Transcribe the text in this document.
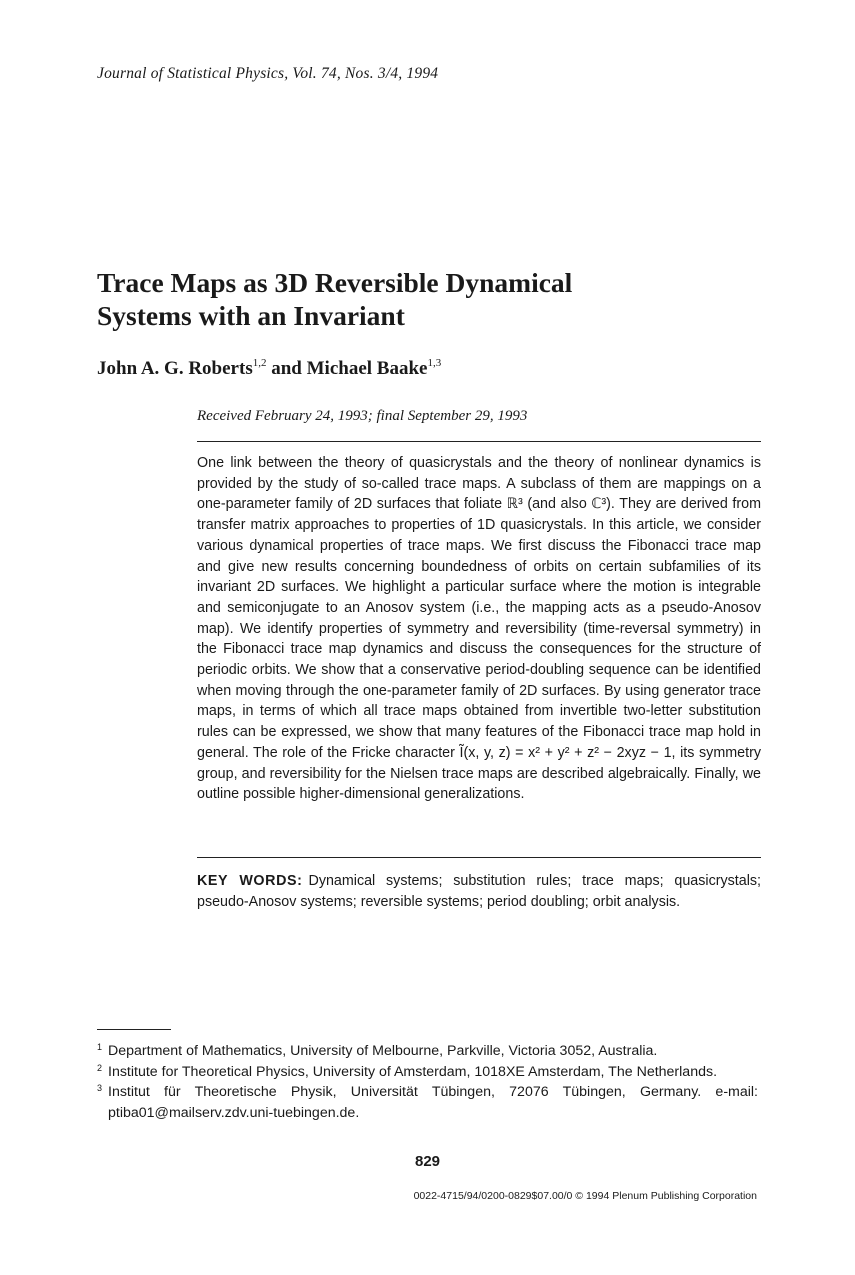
Journal of Statistical Physics, Vol. 74, Nos. 3/4, 1994
Trace Maps as 3D Reversible Dynamical
Systems with an Invariant
John A. G. Roberts$^{1,2}$ and Michael Baake$^{1,3}$
Received February 24, 1993; final September 29, 1993
One link between the theory of quasicrystals and the theory of nonlinear dynamics is provided by the study of so-called trace maps. A subclass of them are mappings on a one-parameter family of 2D surfaces that foliate ℝ³ (and also ℂ³). They are derived from transfer matrix approaches to properties of 1D quasicrystals. In this article, we consider various dynamical properties of trace maps. We first discuss the Fibonacci trace map and give new results concerning boundedness of orbits on certain subfamilies of its invariant 2D surfaces. We highlight a particular surface where the motion is integrable and semiconjugate to an Anosov system (i.e., the mapping acts as a pseudo-Anosov map). We identify properties of symmetry and reversibility (time-reversal symmetry) in the Fibonacci trace map dynamics and discuss the consequences for the structure of periodic orbits. We show that a conservative period-doubling sequence can be identified when moving through the one-parameter family of 2D surfaces. By using generator trace maps, in terms of which all trace maps obtained from invertible two-letter substitution rules can be expressed, we show that many features of the Fibonacci trace map hold in general. The role of the Fricke character Ĩ(x, y, z) = x² + y² + z² − 2xyz − 1, its symmetry group, and reversibility for the Nielsen trace maps are described algebraically. Finally, we outline possible higher-dimensional generalizations.
KEY WORDS: Dynamical systems; substitution rules; trace maps; quasicrystals; pseudo-Anosov systems; reversible systems; period doubling; orbit analysis.
1 Department of Mathematics, University of Melbourne, Parkville, Victoria 3052, Australia.
2 Institute for Theoretical Physics, University of Amsterdam, 1018XE Amsterdam, The Netherlands.
3 Institut für Theoretische Physik, Universität Tübingen, 72076 Tübingen, Germany. e-mail: ptiba01@mailserv.zdv.uni-tuebingen.de.
829
0022-4715/94/0200-0829$07.00/0 © 1994 Plenum Publishing Corporation
